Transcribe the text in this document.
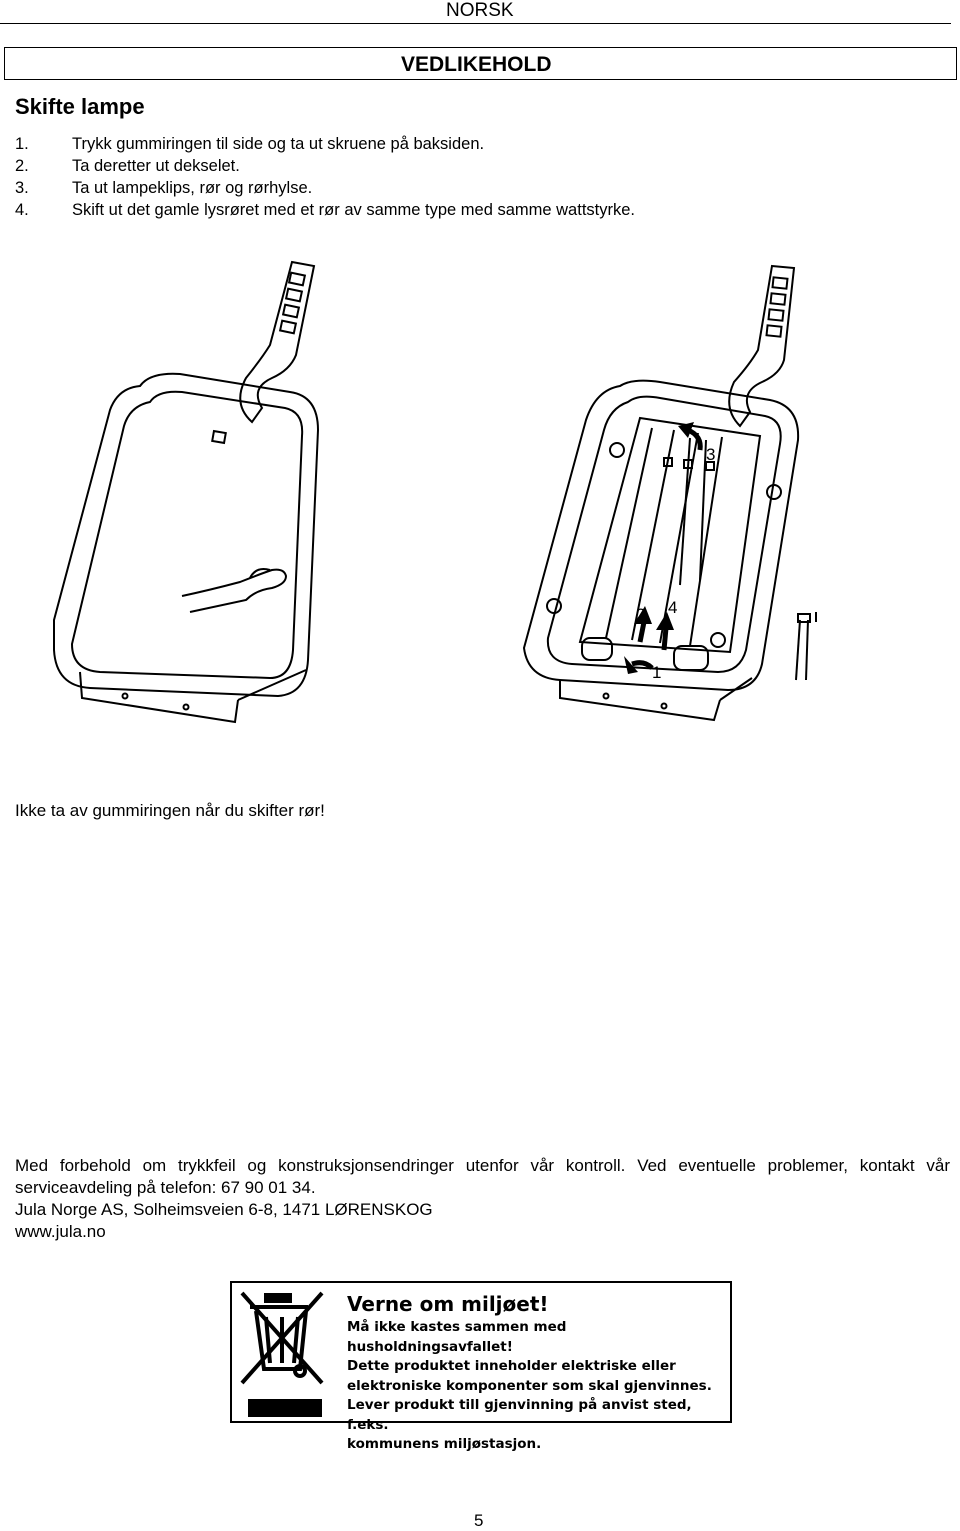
NORSK
VEDLIKEHOLD
Skifte lampe
1.	Trykk gummiringen til side og ta ut skruene på baksiden.
2.	Ta deretter ut dekselet.
3.	Ta ut lampeklips, rør og rørhylse.
4.	Skift ut det gamle lysrøret med et rør av samme type med samme wattstyrke.
3
2 4
1
Ikke ta av gummiringen når du skifter rør!

Med forbehold om trykkfeil og konstruksjonsendringer utenfor vår kontroll. Ved eventuelle problemer, kontakt vår serviceavdeling på telefon: 67 90 01 34.

Jula Norge AS, Solheimsveien 6-8, 1471 LØRENSKOG

www.jula.no

Verne om miljøet!
Må ikke kastes sammen med husholdningsavfallet!
Dette produktet inneholder elektriske eller
elektroniske komponenter som skal gjenvinnes.
Lever produkt till gjenvinning på anvist sted, f.eks.
kommunens miljøstasjon.
5
